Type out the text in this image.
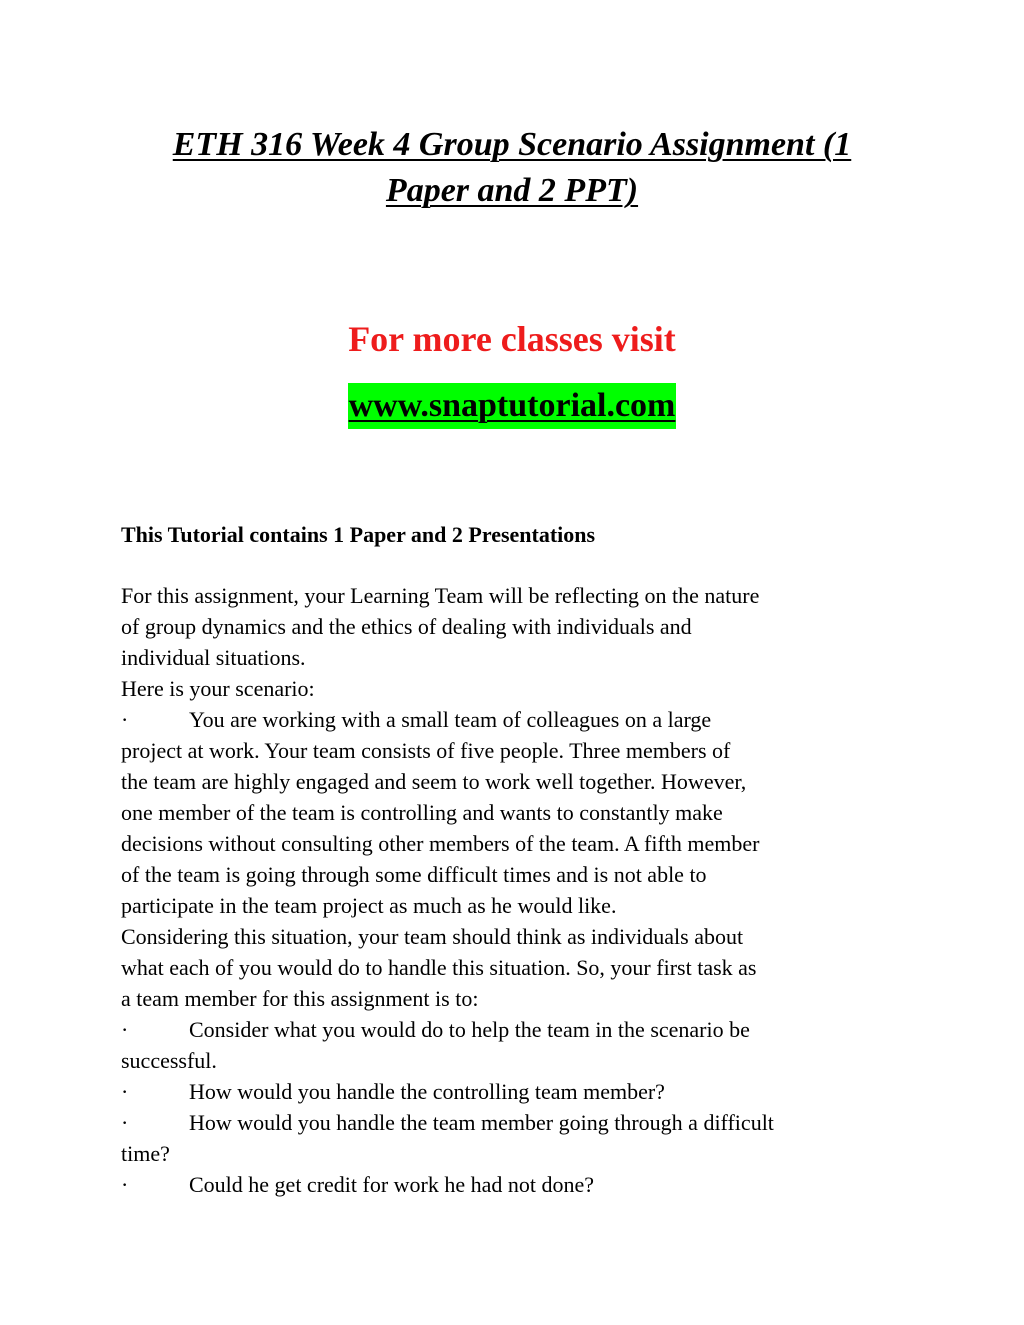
ETH 316 Week 4 Group Scenario Assignment (1
Paper and 2 PPT)

For more classes visit

www.snaptutorial.com

This Tutorial contains 1 Paper and 2 Presentations

For this assignment, your Learning Team will be reflecting on the nature

of group dynamics and the ethics of dealing with individuals and

individual situations.

Here is your scenario:

·	You are working with a small team of colleagues on a large

project at work. Your team consists of five people. Three members of

the team are highly engaged and seem to work well together. However,

one member of the team is controlling and wants to constantly make

decisions without consulting other members of the team. A fifth member

of the team is going through some difficult times and is not able to

participate in the team project as much as he would like.

Considering this situation, your team should think as individuals about

what each of you would do to handle this situation. So, your first task as

a team member for this assignment is to:

·	Consider what you would do to help the team in the scenario be

successful.

·	How would you handle the controlling team member?

·	How would you handle the team member going through a difficult

time?

·	Could he get credit for work he had not done?
